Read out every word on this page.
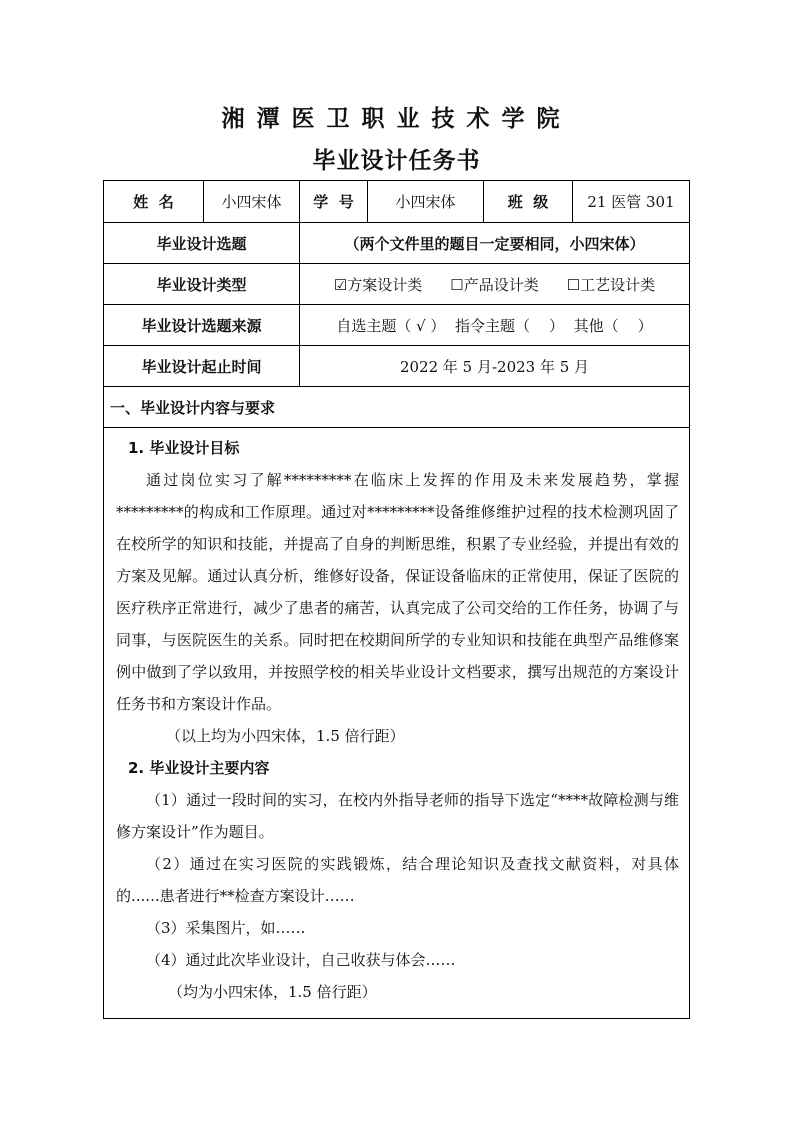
湘潭医卫职业技术学院
毕业设计任务书
姓  名	小四宋体	学  号	小四宋体	班  级	21 医管 301
毕业设计选题	（两个文件里的题目一定要相同，小四宋体）
毕业设计类型	☑方案设计类 ☐产品设计类 ☐工艺设计类
毕业设计选题来源	自选主题（ √ ）  指令主题（    ）  其他（    ）
毕业设计起止时间	2022 年 5 月-2023 年 5 月
一、毕业设计内容与要求

1. 毕业设计目标

通过岗位实习了解*********在临床上发挥的作用及未来发展趋势，掌握*********的构成和工作原理。通过对*********设备维修维护过程的技术检测巩固了在校所学的知识和技能，并提高了自身的判断思维，积累了专业经验，并提出有效的方案及见解。通过认真分析，维修好设备，保证设备临床的正常使用，保证了医院的医疗秩序正常进行，减少了患者的痛苦，认真完成了公司交给的工作任务，协调了与同事，与医院医生的关系。同时把在校期间所学的专业知识和技能在典型产品维修案例中做到了学以致用，并按照学校的相关毕业设计文档要求，撰写出规范的方案设计任务书和方案设计作品。

（以上均为小四宋体，1.5 倍行距）

2. 毕业设计主要内容

（1）通过一段时间的实习，在校内外指导老师的指导下选定“****故障检测与维修方案设计”作为题目。

（2）通过在实习医院的实践锻炼，结合理论知识及查找文献资料，对具体的......患者进行**检查方案设计……

（3）采集图片，如……

（4）通过此次毕业设计，自己收获与体会……

（均为小四宋体，1.5 倍行距）
